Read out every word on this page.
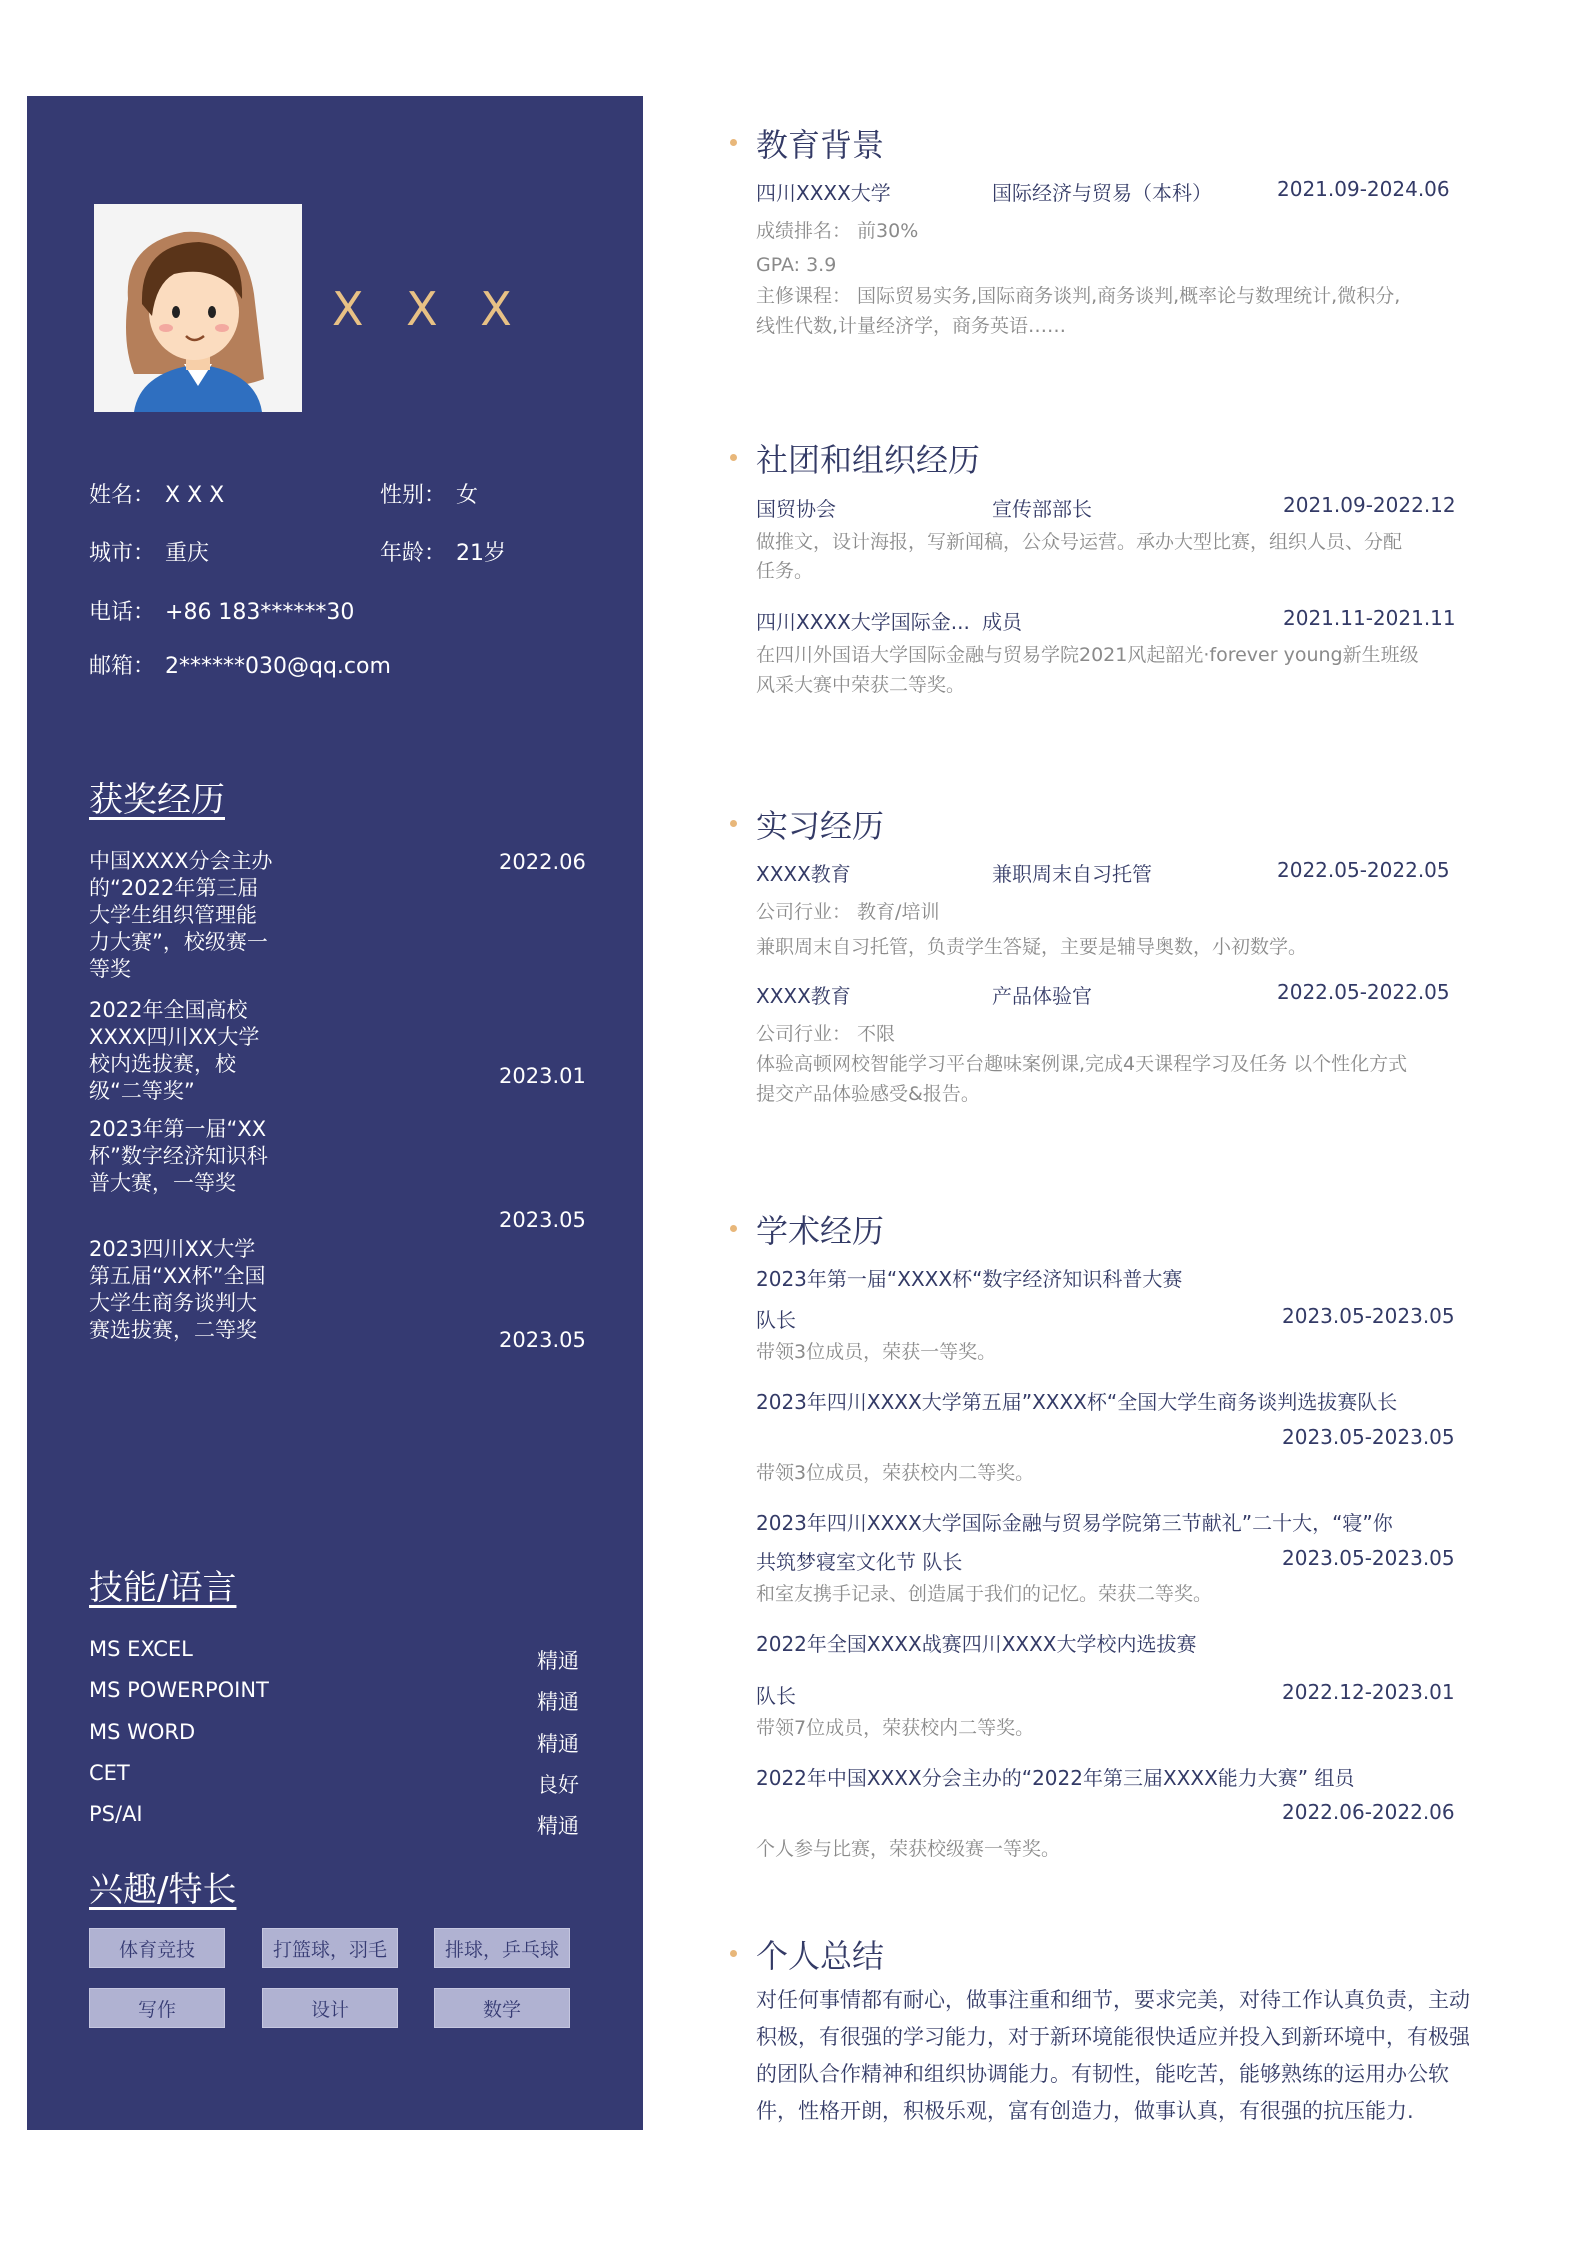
X X X
姓名： X X X	性别： 女
城市： 重庆	年龄： 21岁
电话： +86 183******30
邮箱： 2******030@qq.com
获奖经历
中国XXXX分会主办的“2022年第三届大学生组织管理能力大赛”，校级赛一等奖
2022.06
2022年全国高校XXXX四川XX大学校内选拔赛，校级“二等奖”
2023.01
2023年第一届“XX杯”数字经济知识科普大赛，一等奖
2023.05
2023四川XX大学第五届“XX杯”全国大学生商务谈判大赛选拔赛，二等奖	2023.05
技能/语言
MS EXCEL	精通
MS POWERPOINT	精通
MS WORD	精通
CET	良好
PS/AI	精通
兴趣/特长
体育竞技	打篮球，羽毛	排球，乒乓球
写作	设计	数学
教育背景
四川XXXX大学	国际经济与贸易（本科）	2021.09-2024.06
成绩排名： 前30%
GPA: 3.9
主修课程： 国际贸易实务,国际商务谈判,商务谈判,概率论与数理统计,微积分,
线性代数,计量经济学，商务英语……
社团和组织经历
国贸协会	宣传部部长	2021.09-2022.12
做推文，设计海报，写新闻稿，公众号运营。承办大型比赛，组织人员、分配
任务。
四川XXXX大学国际金... 成员	2021.11-2021.11
在四川外国语大学国际金融与贸易学院2021风起韶光·forever young新生班级
风采大赛中荣获二等奖。
实习经历
XXXX教育	兼职周末自习托管	2022.05-2022.05
公司行业： 教育/培训
兼职周末自习托管，负责学生答疑，主要是辅导奥数，小初数学。
XXXX教育	产品体验官	2022.05-2022.05
公司行业： 不限
体验高顿网校智能学习平台趣味案例课,完成4天课程学习及任务 以个性化方式
提交产品体验感受&报告。
学术经历
2023年第一届“XXXX杯“数字经济知识科普大赛
队长	2023.05-2023.05
带领3位成员，荣获一等奖。
2023年四川XXXX大学第五届”XXXX杯“全国大学生商务谈判选拔赛队长
2023.05-2023.05
带领3位成员，荣获校内二等奖。
2023年四川XXXX大学国际金融与贸易学院第三节献礼”二十大，“寝”你
共筑梦寝室文化节 队长	2023.05-2023.05
和室友携手记录、创造属于我们的记忆。荣获二等奖。
2022年全国XXXX战赛四川XXXX大学校内选拔赛
队长	2022.12-2023.01
带领7位成员，荣获校内二等奖。
2022年中国XXXX分会主办的“2022年第三届XXXX能力大赛” 组员
2022.06-2022.06
个人参与比赛，荣获校级赛一等奖。
个人总结
对任何事情都有耐心，做事注重和细节，要求完美，对待工作认真负责，主动积极，有很强的学习能力，对于新环境能很快适应并投入到新环境中，有极强的团队合作精神和组织协调能力。有韧性，能吃苦，能够熟练的运用办公软件，性格开朗，积极乐观，富有创造力，做事认真，有很强的抗压能力.
